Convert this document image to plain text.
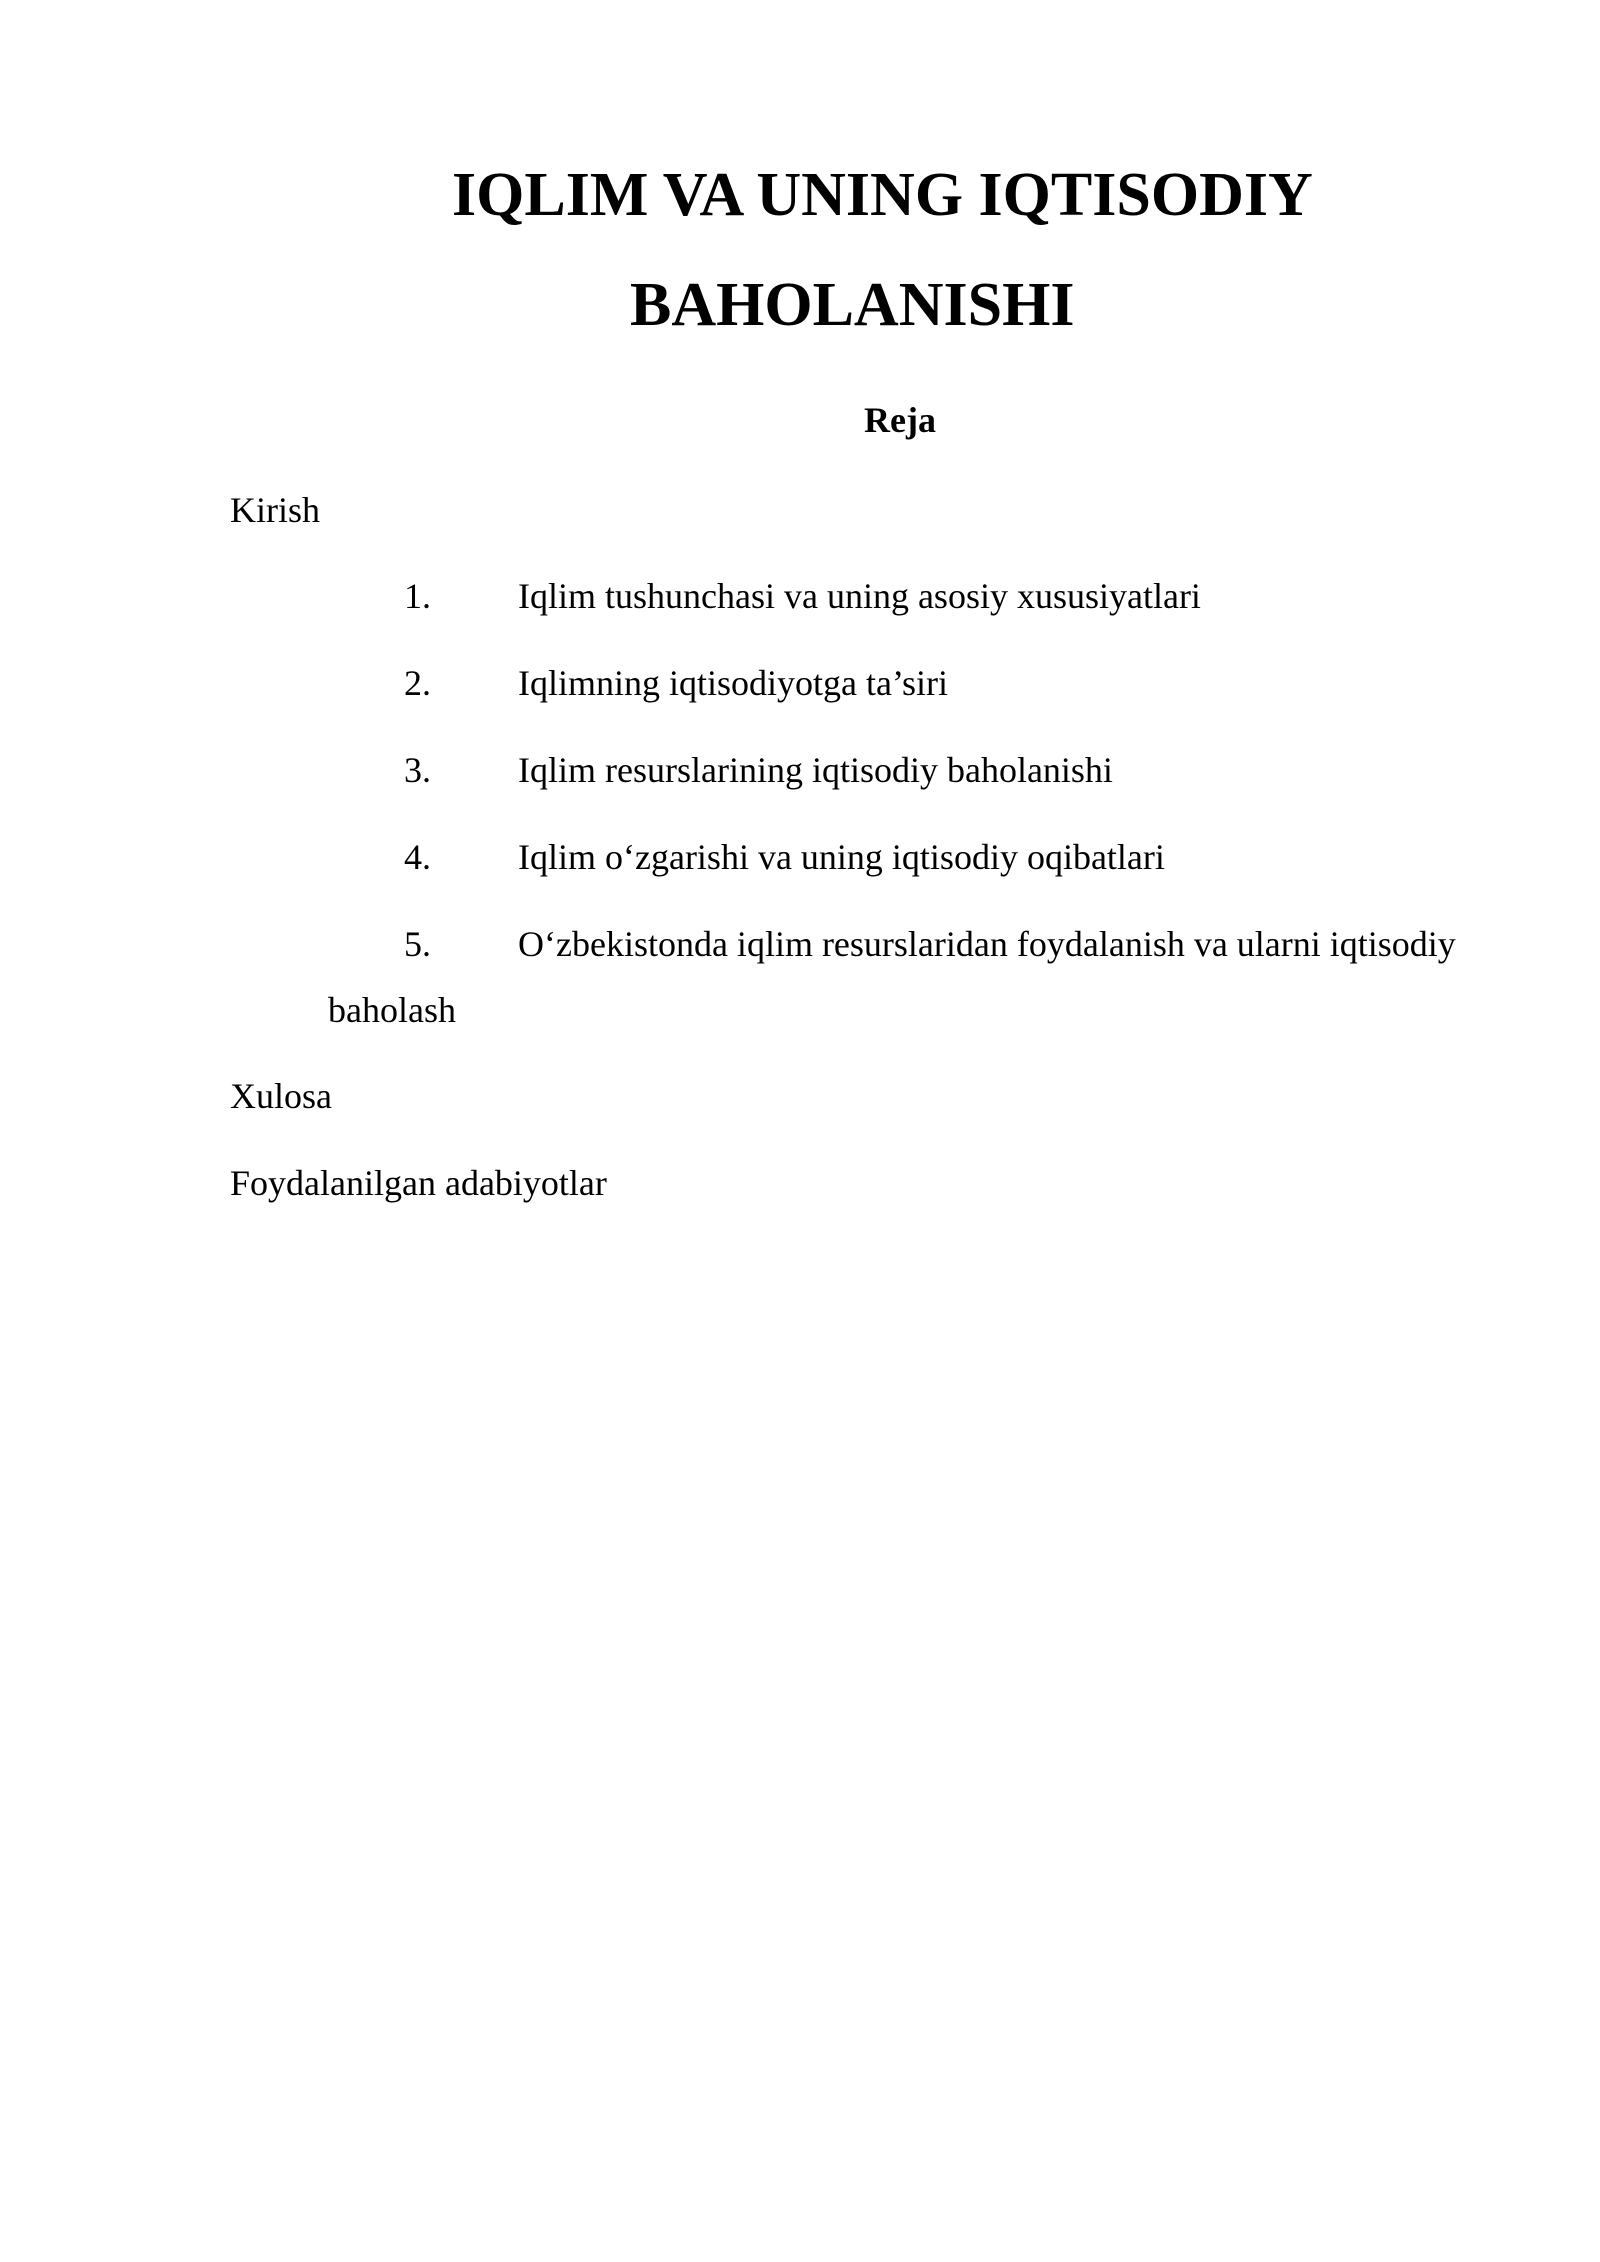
IQLIM VA UNING IQTISODIY
BAHOLANISHI

Reja

Kirish

1. Iqlim tushunchasi va uning asosiy xususiyatlari
2. Iqlimning iqtisodiyotga ta’siri
3. Iqlim resurslarining iqtisodiy baholanishi
4. Iqlim o‘zgarishi va uning iqtisodiy oqibatlari
5. O‘zbekistonda iqlim resurslaridan foydalanish va ularni iqtisodiy
baholash

Xulosa

Foydalanilgan adabiyotlar
